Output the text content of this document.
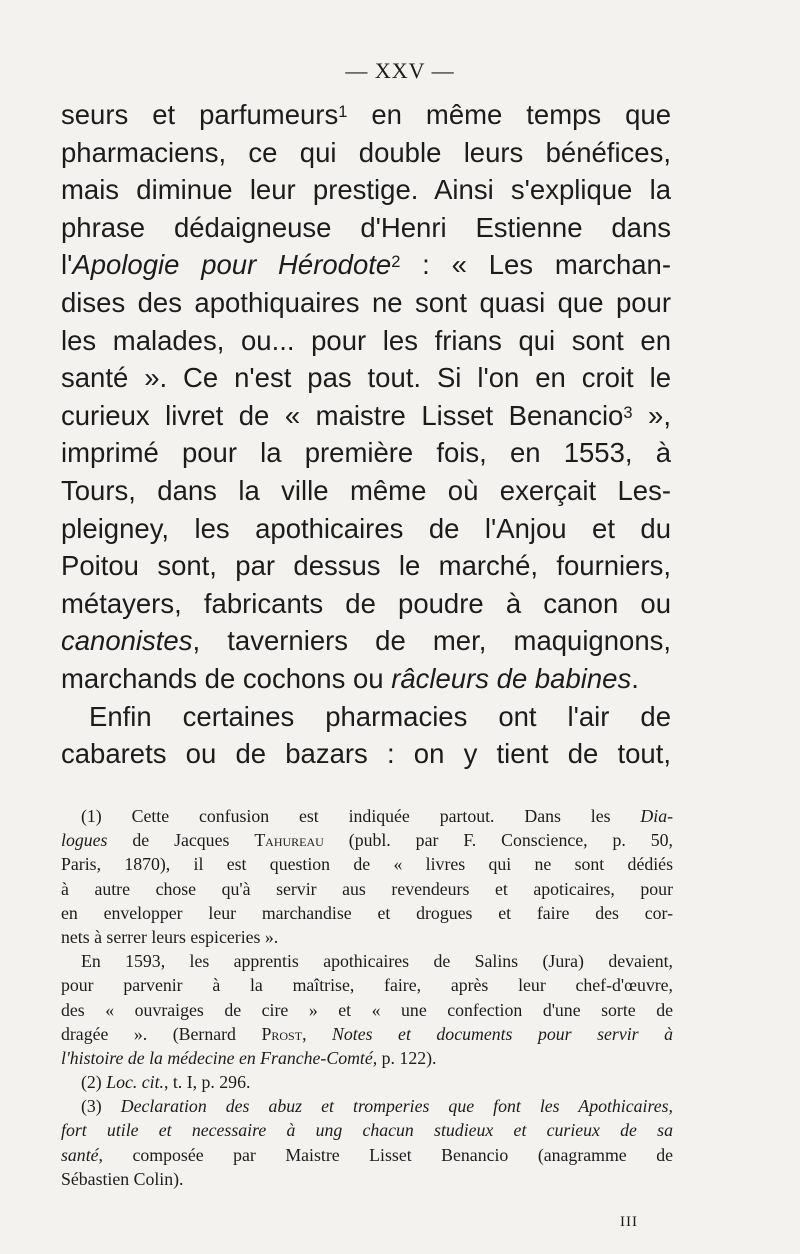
— XXV —
seurs et parfumeurs$^1$ en même temps que
pharmaciens, ce qui double leurs bénéfices,
mais diminue leur prestige. Ainsi s'explique la
phrase dédaigneuse d'Henri Estienne dans
l'Apologie pour Hérodote$^2$ : « Les marchan-
dises des apothiquaires ne sont quasi que pour
les malades, ou... pour les frians qui sont en
santé ». Ce n'est pas tout. Si l'on en croit le
curieux livret de « maistre Lisset Benancio$^3$ »,
imprimé pour la première fois, en 1553, à
Tours, dans la ville même où exerçait Les-
pleigney, les apothicaires de l'Anjou et du
Poitou sont, par dessus le marché, fourniers,
métayers, fabricants de poudre à canon ou
canonistes, taverniers de mer, maquignons,
marchands de cochons ou râcleurs de babines.
Enfin certaines pharmacies ont l'air de
cabarets ou de bazars : on y tient de tout,
(1) Cette confusion est indiquée partout. Dans les Dia-
logues de Jacques Tahureau (publ. par F. Conscience, p. 50,
Paris, 1870), il est question de « livres qui ne sont dédiés
à autre chose qu'à servir aus revendeurs et apoticaires, pour
en envelopper leur marchandise et drogues et faire des cor-
nets à serrer leurs espiceries ».
En 1593, les apprentis apothicaires de Salins (Jura) devaient,
pour parvenir à la maîtrise, faire, après leur chef-d'œuvre,
des « ouvraiges de cire » et « une confection d'une sorte de
dragée ». (Bernard Prost, Notes et documents pour servir à
l'histoire de la médecine en Franche-Comté, p. 122).
(2) Loc. cit., t. I, p. 296.
(3) Declaration des abuz et tromperies que font les Apothicaires,
fort utile et necessaire à ung chacun studieux et curieux de sa
santé, composée par Maistre Lisset Benancio (anagramme de
Sébastien Colin).
III
